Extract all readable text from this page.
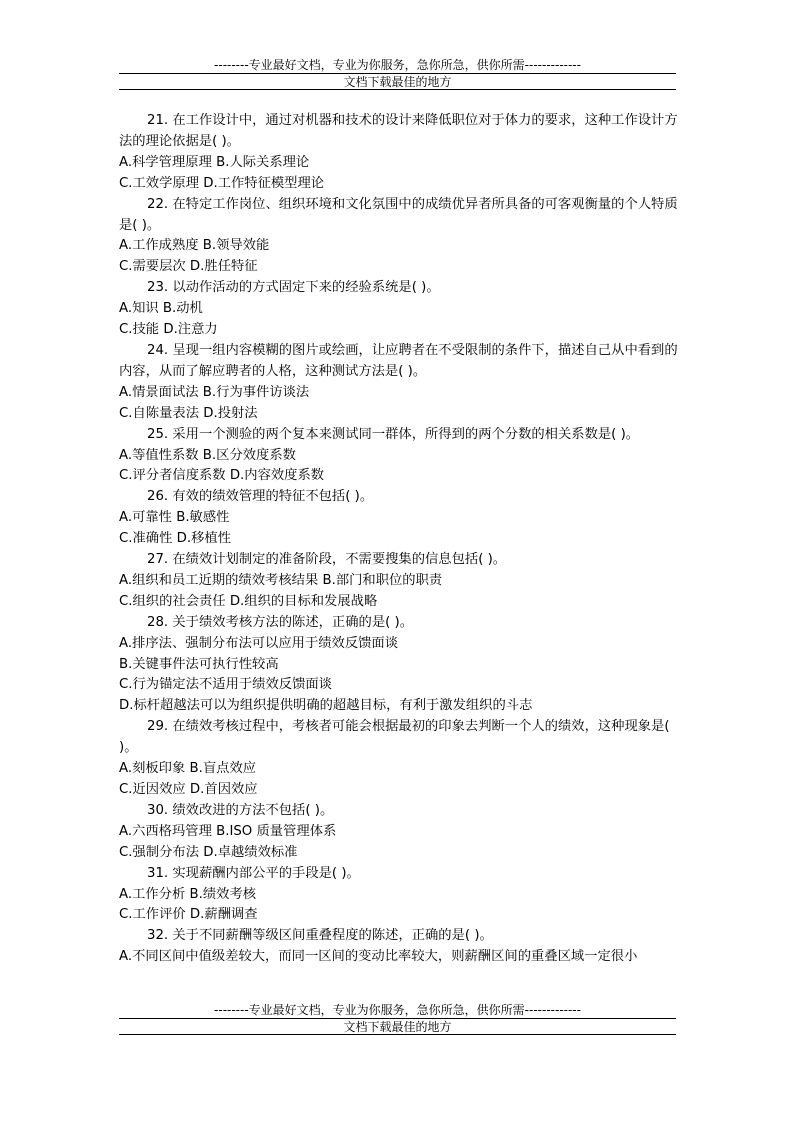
--------专业最好文档，专业为你服务，急你所急，供你所需-------------
文档下载最佳的地方

21. 在工作设计中，通过对机器和技术的设计来降低职位对于体力的要求，这种工作设计方法的理论依据是( )。

A.科学管理原理 B.人际关系理论

C.工效学原理 D.工作特征模型理论

22. 在特定工作岗位、组织环境和文化氛围中的成绩优异者所具备的可客观衡量的个人特质是( )。

A.工作成熟度 B.领导效能

C.需要层次 D.胜任特征

23. 以动作活动的方式固定下来的经验系统是( )。

A.知识 B.动机

C.技能 D.注意力

24. 呈现一组内容模糊的图片或绘画，让应聘者在不受限制的条件下，描述自己从中看到的内容，从而了解应聘者的人格，这种测试方法是( )。

A.情景面试法 B.行为事件访谈法

C.自陈量表法 D.投射法

25. 采用一个测验的两个复本来测试同一群体，所得到的两个分数的相关系数是( )。

A.等值性系数 B.区分效度系数

C.评分者信度系数 D.内容效度系数

26. 有效的绩效管理的特征不包括( )。

A.可靠性 B.敏感性

C.准确性 D.移植性

27. 在绩效计划制定的准备阶段，不需要搜集的信息包括( )。

A.组织和员工近期的绩效考核结果 B.部门和职位的职责

C.组织的社会责任 D.组织的目标和发展战略

28. 关于绩效考核方法的陈述，正确的是( )。

A.排序法、强制分布法可以应用于绩效反馈面谈

B.关键事件法可执行性较高

C.行为锚定法不适用于绩效反馈面谈

D.标杆超越法可以为组织提供明确的超越目标，有利于激发组织的斗志

29. 在绩效考核过程中，考核者可能会根据最初的印象去判断一个人的绩效，这种现象是( )。

A.刻板印象 B.盲点效应

C.近因效应 D.首因效应

30. 绩效改进的方法不包括( )。

A.六西格玛管理 B.ISO 质量管理体系

C.强制分布法 D.卓越绩效标准

31. 实现薪酬内部公平的手段是( )。

A.工作分析 B.绩效考核

C.工作评价 D.薪酬调查

32. 关于不同薪酬等级区间重叠程度的陈述，正确的是( )。

A.不同区间中值级差较大，而同一区间的变动比率较大，则薪酬区间的重叠区域一定很小

--------专业最好文档，专业为你服务，急你所急，供你所需-------------
文档下载最佳的地方
